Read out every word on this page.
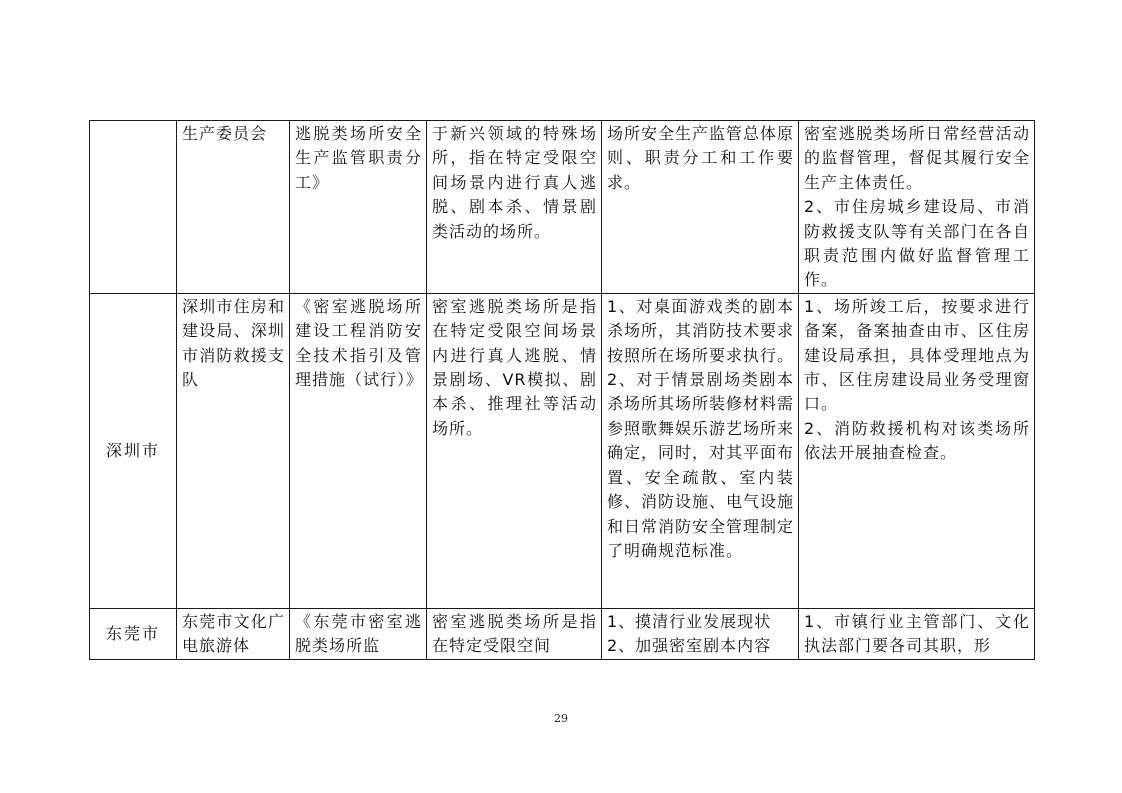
	生产委员会	逃脱类场所安全生产监管职责分工》	于新兴领域的特殊场所，指在特定受限空间场景内进行真人逃脱、剧本杀、情景剧类活动的场所。	场所安全生产监管总体原则、职责分工和工作要求。	密室逃脱类场所日常经营活动的监督管理，督促其履行安全生产主体责任。
2、市住房城乡建设局、市消防救援支队等有关部门在各自职责范围内做好监督管理工作。

深圳市	深圳市住房和建设局、深圳市消防救援支队	《密室逃脱场所建设工程消防安全技术指引及管理措施（试行）》	密室逃脱类场所是指在特定受限空间场景内进行真人逃脱、情景剧场、VR模拟、剧本杀、推理社等活动场所。	1、对桌面游戏类的剧本杀场所，其消防技术要求按照所在场所要求执行。
2、对于情景剧场类剧本杀场所其场所装修材料需参照歌舞娱乐游艺场所来确定，同时，对其平面布置、安全疏散、室内装修、消防设施、电气设施和日常消防安全管理制定了明确规范标准。	1、场所竣工后，按要求进行备案，备案抽查由市、区住房建设局承担，具体受理地点为市、区住房建设局业务受理窗口。
2、消防救援机构对该类场所依法开展抽查检查。

东莞市	东莞市文化广电旅游体	《东莞市密室逃脱类场所监	密室逃脱类场所是指在特定受限空间	1、摸清行业发展现状
2、加强密室剧本内容	1、市镇行业主管部门、文化执法部门要各司其职，形
29
